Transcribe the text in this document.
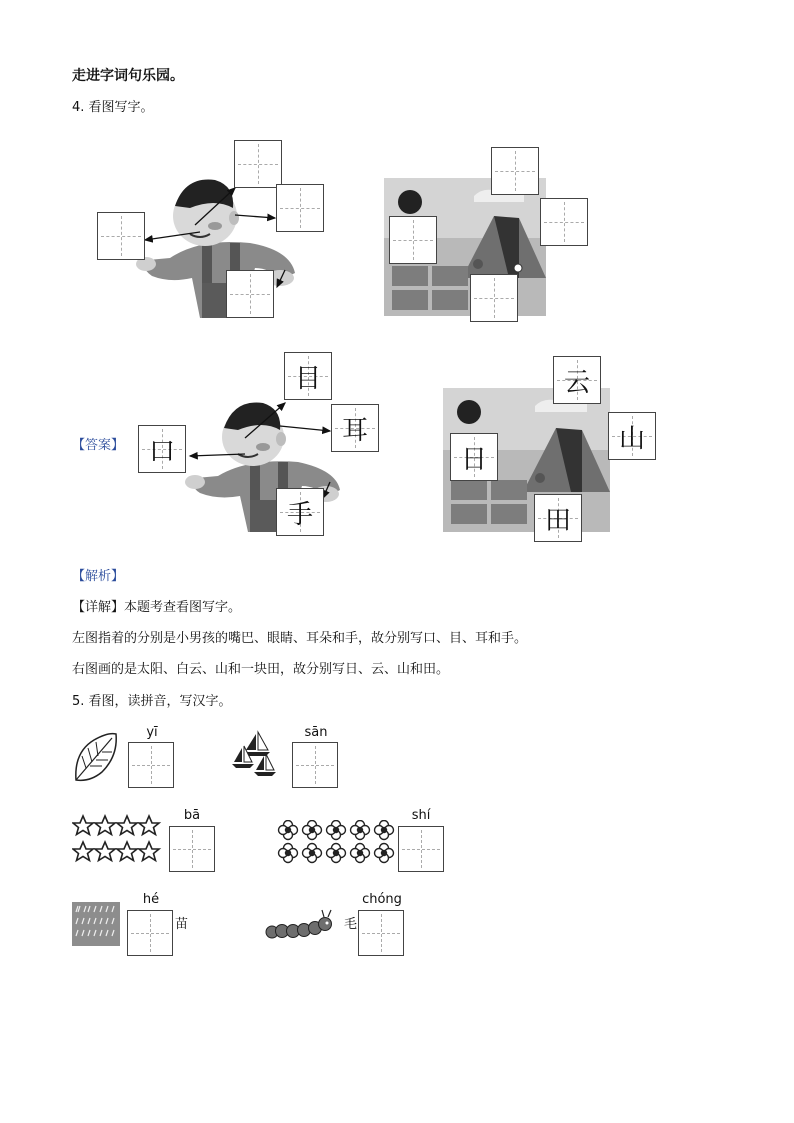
走进字词句乐园。
4. 看图写字。
【答案】 口
目
耳
手
云
日
山
田
【解析】
【详解】本题考查看图写字。
左图指着的分别是小男孩的嘴巴、眼睛、耳朵和手，故分别写口、目、耳和手。
右图画的是太阳、白云、山和一块田，故分别写日、云、山和田。
5. 看图，读拼音，写汉字。
yī	sān
bā	shí
hé
苗	毛
chóng
